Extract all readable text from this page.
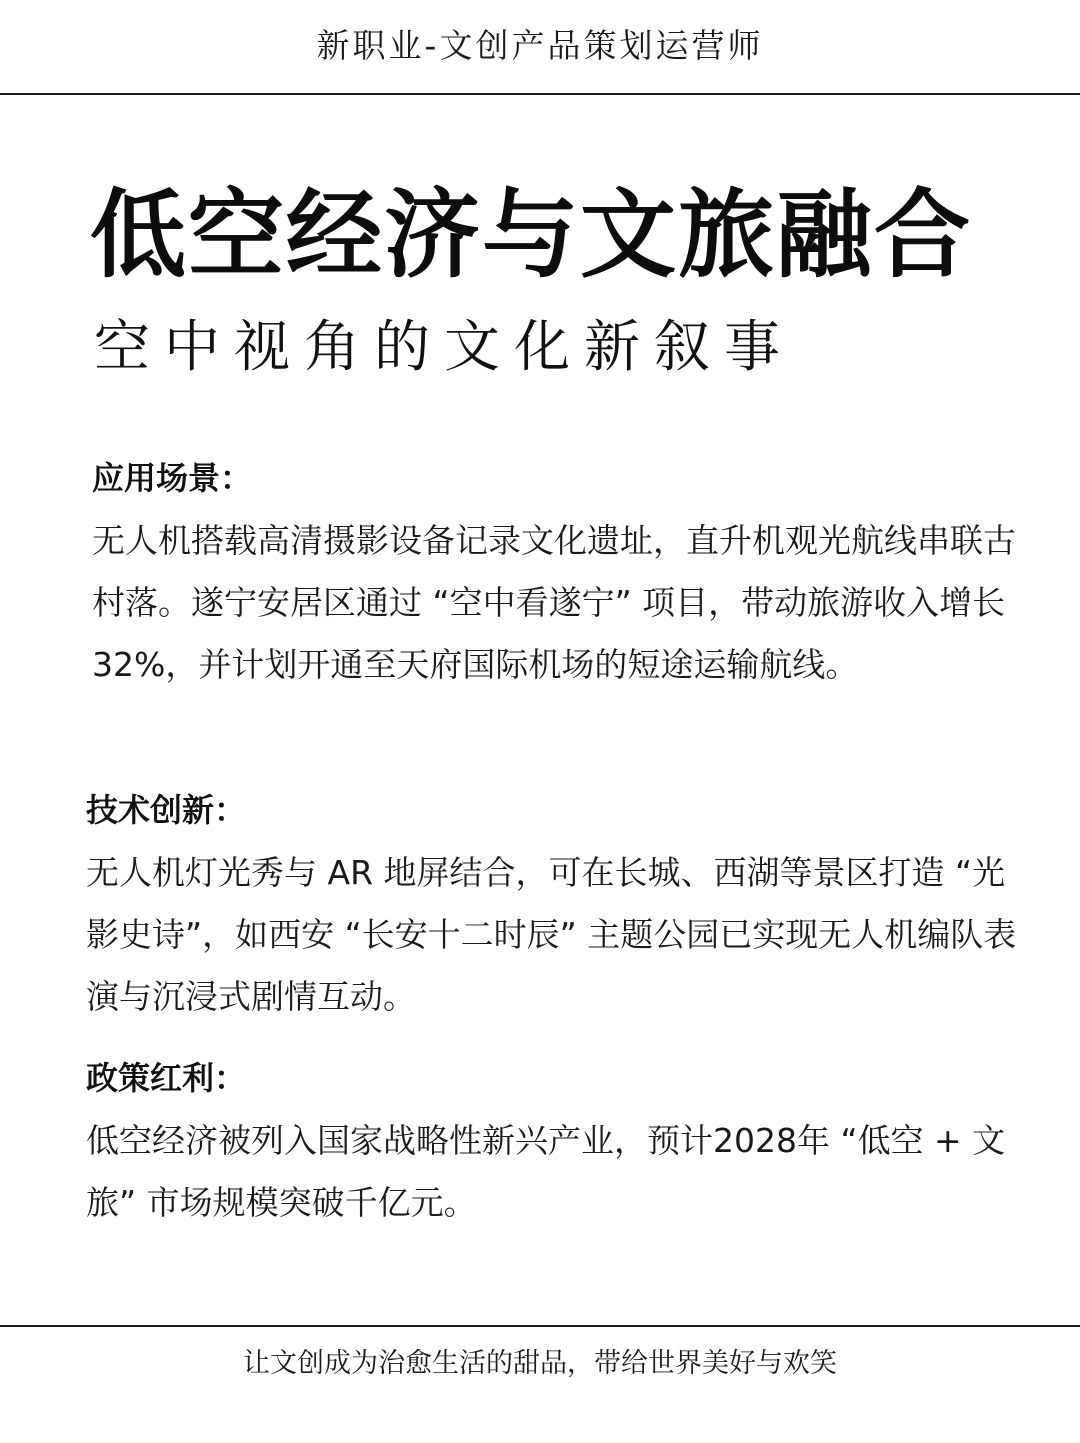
新职业-文创产品策划运营师
低空经济与文旅融合
空中视角的文化新叙事
应用场景：
无人机搭载高清摄影设备记录文化遗址，直升机观光航线串联古村落。遂宁安居区通过 “空中看遂宁” 项目，带动旅游收入增长 32%，并计划开通至天府国际机场的短途运输航线。
技术创新：
无人机灯光秀与 AR 地屏结合，可在长城、西湖等景区打造 “光影史诗”，如西安 “长安十二时辰” 主题公园已实现无人机编队表演与沉浸式剧情互动。
政策红利：
低空经济被列入国家战略性新兴产业，预计2028年 “低空 + 文旅” 市场规模突破千亿元。
让文创成为治愈生活的甜品，带给世界美好与欢笑
